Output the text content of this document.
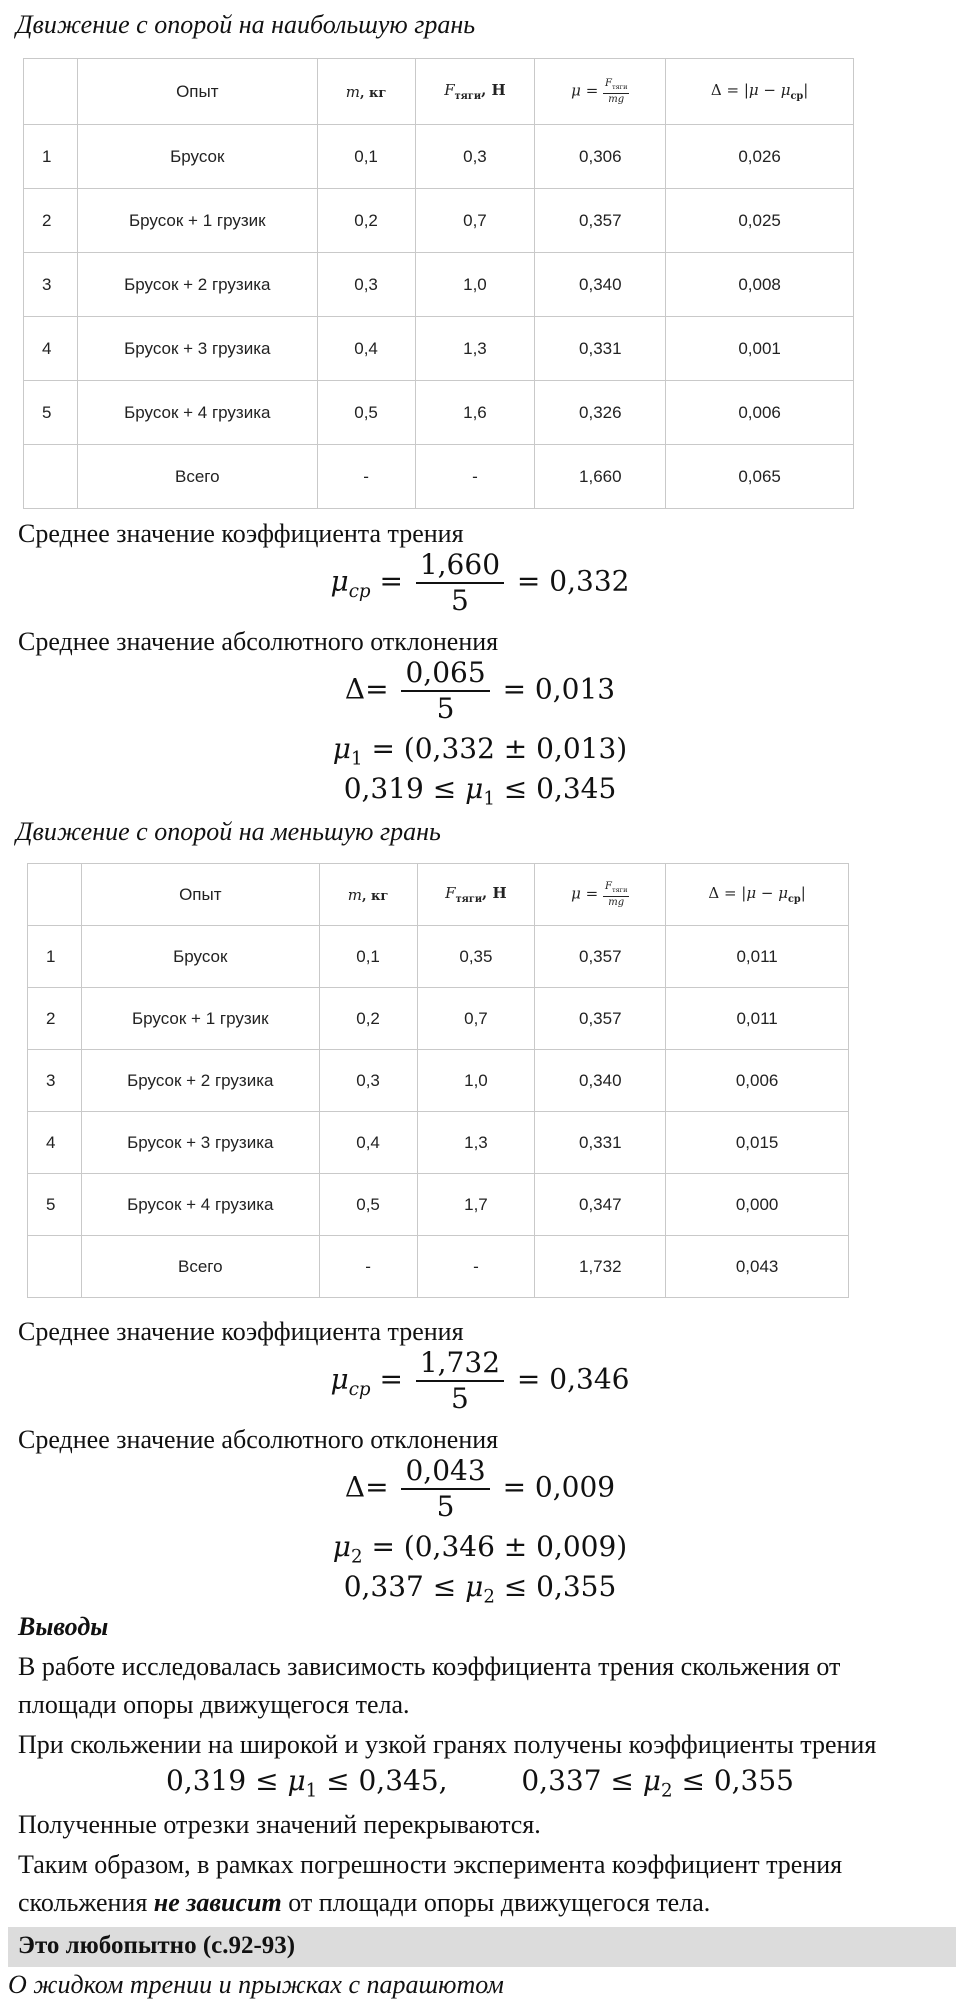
Движение с опорой на наибольшую грань
	Опыт	m, кг	$F_{тяги}$, Н	$\mu = \frac{F_{тяги}}{mg}$	$\Delta = |\mu - \mu_{ср}|$
1	Брусок	0,1	0,3	0,306	0,026
2	Брусок + 1 грузик	0,2	0,7	0,357	0,025
3	Брусок + 2 грузика	0,3	1,0	0,340	0,008
4	Брусок + 3 грузика	0,4	1,3	0,331	0,001
5	Брусок + 4 грузика	0,5	1,6	0,326	0,006
	Всего	-	-	1,660	0,065
Среднее значение коэффициента трения
$\mu_{ср} = \frac{1,660}{5} = 0,332$
Среднее значение абсолютного отклонения
$\Delta= \frac{0,065}{5} = 0,013$
$\mu_1 = (0,332 \pm 0,013)$
$0,319 \le \mu_1 \le 0,345$
Движение с опорой на меньшую грань
	Опыт	m, кг	$F_{тяги}$, Н	$\mu = \frac{F_{тяги}}{mg}$	$\Delta = |\mu - \mu_{ср}|$
1	Брусок	0,1	0,35	0,357	0,011
2	Брусок + 1 грузик	0,2	0,7	0,357	0,011
3	Брусок + 2 грузика	0,3	1,0	0,340	0,006
4	Брусок + 3 грузика	0,4	1,3	0,331	0,015
5	Брусок + 4 грузика	0,5	1,7	0,347	0,000
	Всего	-	-	1,732	0,043
Среднее значение коэффициента трения
$\mu_{ср} = \frac{1,732}{5} = 0,346$
Среднее значение абсолютного отклонения
$\Delta= \frac{0,043}{5} = 0,009$
$\mu_2 = (0,346 \pm 0,009)$
$0,337 \le \mu_2 \le 0,355$
Выводы
В работе исследовалась зависимость коэффициента трения скольжения от
площади опоры движущегося тела.
При скольжении на широкой и узкой гранях получены коэффициенты трения
$0,319 \le \mu_1 \le 0,345$,	$0,337 \le \mu_2 \le 0,355$
Полученные отрезки значений перекрываются.
Таким образом, в рамках погрешности эксперимента коэффициент трения
скольжения не зависит от площади опоры движущегося тела.
Это любопытно (с.92-93)
О жидком трении и прыжках с парашютом
